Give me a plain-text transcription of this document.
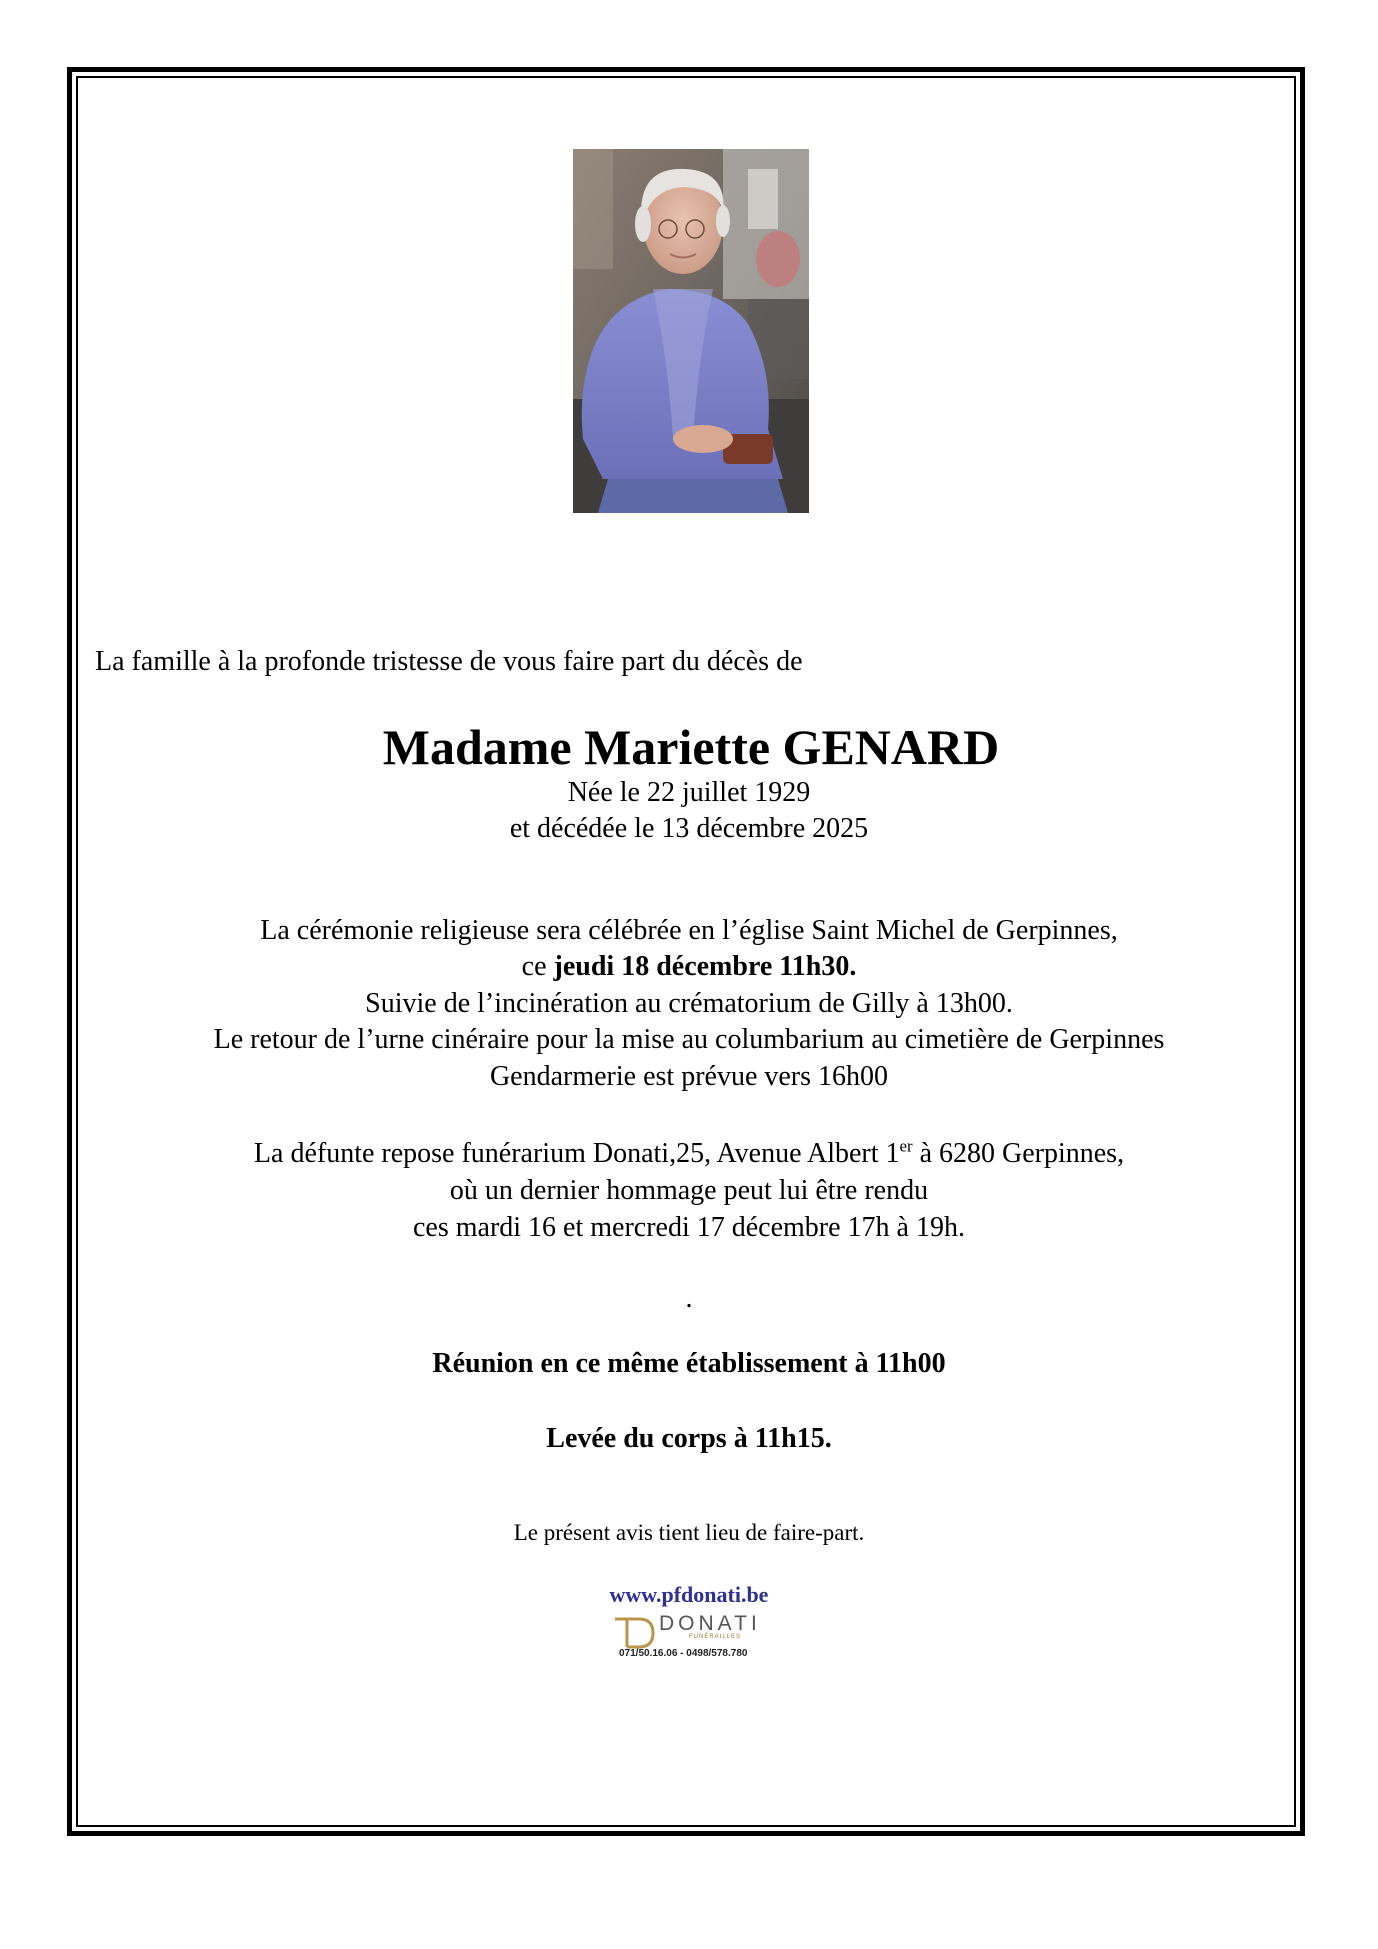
La famille à la profonde tristesse de vous faire part du décès de
Madame Mariette GENARD
Née le 22 juillet 1929
et décédée le 13 décembre 2025
La cérémonie religieuse sera célébrée en l’église Saint Michel de Gerpinnes,
ce jeudi 18 décembre 11h30.
Suivie de l’incinération au crématorium de Gilly à 13h00.
Le retour de l’urne cinéraire pour la mise au columbarium au cimetière de Gerpinnes
Gendarmerie est prévue vers 16h00
La défunte repose funérarium Donati,25, Avenue Albert 1er à 6280 Gerpinnes,
où un dernier hommage peut lui être rendu
ces mardi 16 et mercredi 17 décembre 17h à 19h.
.
Réunion en ce même établissement à 11h00
Levée du corps à 11h15.
Le présent avis tient lieu de faire-part.
www.pfdonati.be
DONATI
FUNÉRAILLES
071/50.16.06 - 0498/578.780
